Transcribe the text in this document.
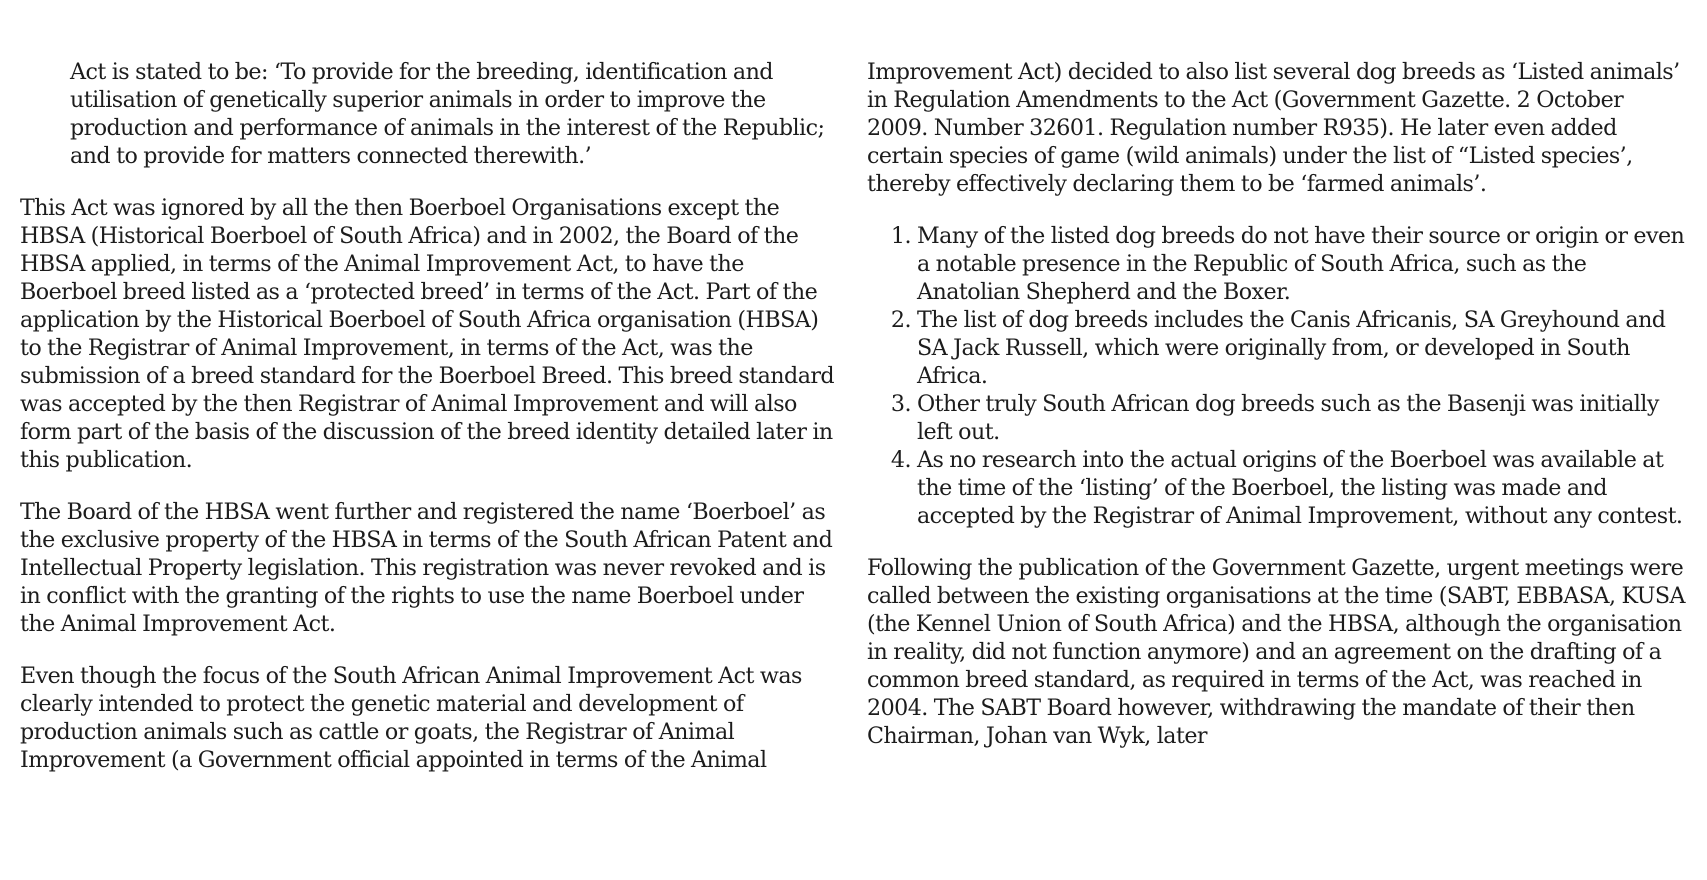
Act is stated to be: ‘To provide for the breeding, identification and utilisation of genetically superior animals in order to improve the production and performance of animals in the interest of the Republic; and to provide for matters connected therewith.’

This Act was ignored by all the then Boerboel Organisations except the HBSA (Historical Boerboel of South Africa) and in 2002, the Board of the HBSA applied, in terms of the Animal Improvement Act, to have the Boerboel breed listed as a ‘protected breed’ in terms of the Act. Part of the application by the Historical Boerboel of South Africa organisation (HBSA) to the Registrar of Animal Improvement, in terms of the Act, was the submission of a breed standard for the Boerboel Breed. This breed standard was accepted by the then Registrar of Animal Improvement and will also form part of the basis of the discussion of the breed identity detailed later in this publication.

The Board of the HBSA went further and registered the name ‘Boerboel’ as the exclusive property of the HBSA in terms of the South African Patent and Intellectual Property legislation. This registration was never revoked and is in conflict with the granting of the rights to use the name Boerboel under the Animal Improvement Act.

Even though the focus of the South African Animal Improvement Act was clearly intended to protect the genetic material and development of production animals such as cattle or goats, the Registrar of Animal Improvement (a Government official appointed in terms of the Animal

Improvement Act) decided to also list several dog breeds as ‘Listed animals’ in Regulation Amendments to the Act (Government Gazette. 2 October 2009. Number 32601. Regulation number R935). He later even added certain species of game (wild animals) under the list of “Listed species’, thereby effectively declaring them to be ‘farmed animals’.

1. Many of the listed dog breeds do not have their source or origin or even a notable presence in the Republic of South Africa, such as the Anatolian Shepherd and the Boxer.
2. The list of dog breeds includes the Canis Africanis, SA Greyhound and SA Jack Russell, which were originally from, or developed in South Africa.
3. Other truly South African dog breeds such as the Basenji was initially left out.
4. As no research into the actual origins of the Boerboel was available at the time of the ‘listing’ of the Boerboel, the listing was made and accepted by the Registrar of Animal Improvement, without any contest.

Following the publication of the Government Gazette, urgent meetings were called between the existing organisations at the time (SABT, EBBASA, KUSA (the Kennel Union of South Africa) and the HBSA, although the organisation in reality, did not function anymore) and an agreement on the drafting of a common breed standard, as required in terms of the Act, was reached in 2004. The SABT Board however, withdrawing the mandate of their then Chairman, Johan van Wyk, later
